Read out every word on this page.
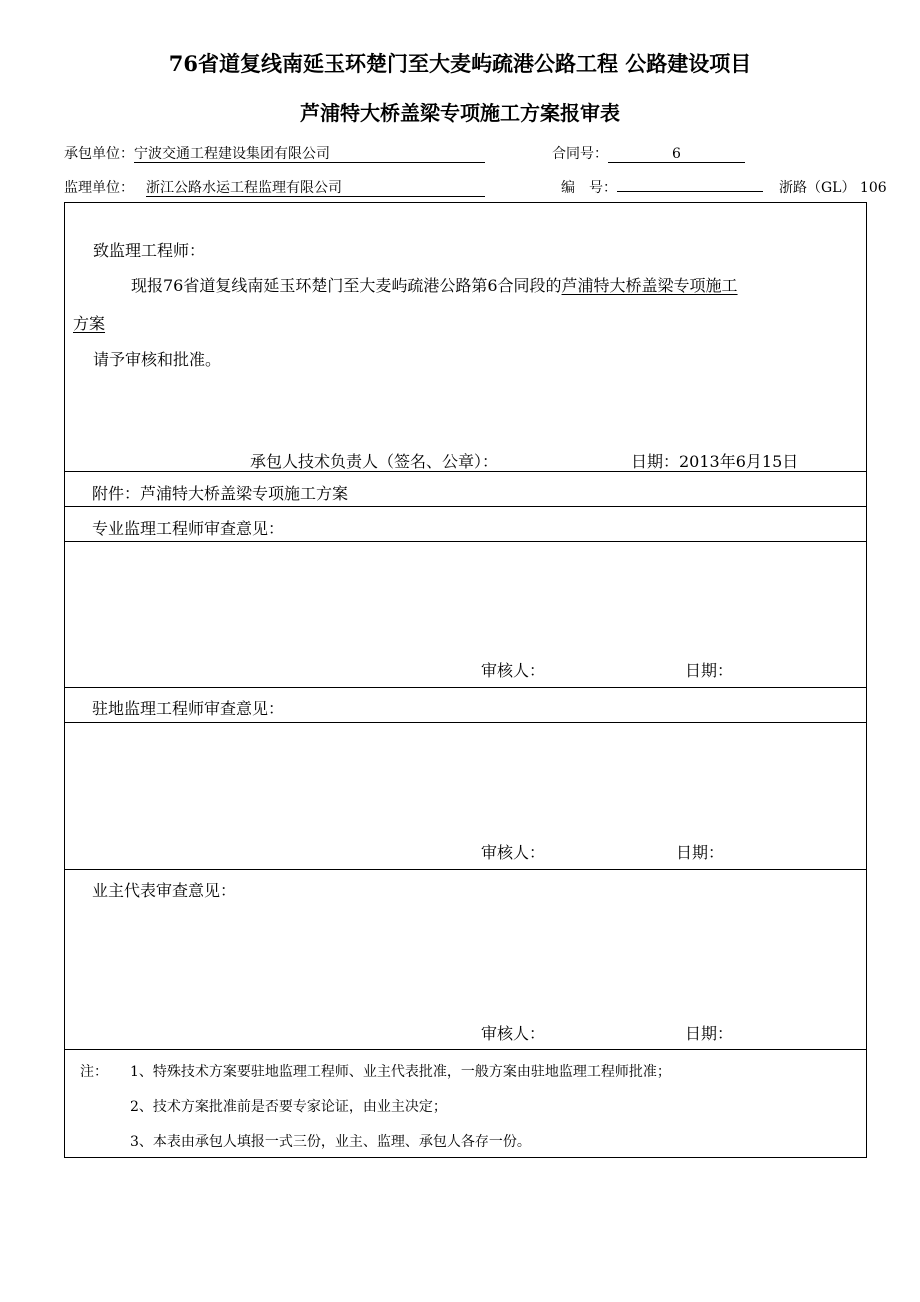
76省道复线南延玉环楚门至大麦屿疏港公路工程 公路建设项目
芦浦特大桥盖梁专项施工方案报审表
承包单位：宁波交通工程建设集团有限公司	合同号：	6
监理单位： 浙江公路水运工程监理有限公司	编　号：	浙路（GL） 106
致监理工程师：
现报76省道复线南延玉环楚门至大麦屿疏港公路第6合同段的芦浦特大桥盖梁专项施工
方案
请予审核和批准。
承包人技术负责人（签名、公章）：	日期：2013年6月15日
附件：芦浦特大桥盖梁专项施工方案
专业监理工程师审查意见：
审核人：	日期：
驻地监理工程师审查意见：
审核人：	日期：
业主代表审查意见：
审核人：	日期：
注： 1、特殊技术方案要驻地监理工程师、业主代表批准，一般方案由驻地监理工程师批准；
2、技术方案批准前是否要专家论证，由业主决定；
3、本表由承包人填报一式三份，业主、监理、承包人各存一份。
